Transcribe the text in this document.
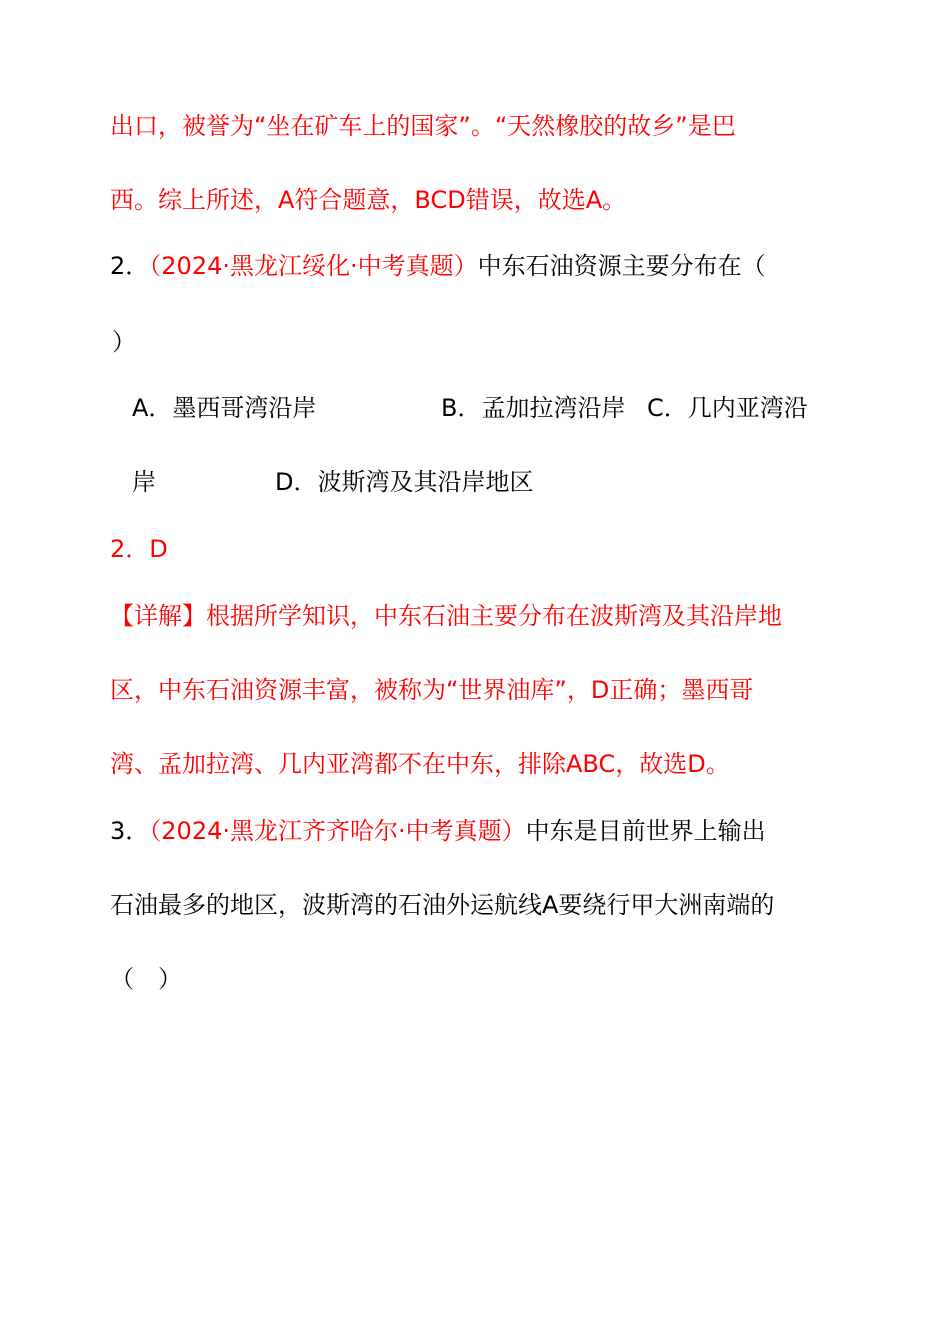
出口，被誉为“坐在矿车上的国家”。“天然橡胶的故乡”是巴
西。综上所述，A符合题意，BCD错误，故选A。
2．（2024·黑龙江绥化·中考真题）中东石油资源主要分布在（
）
A．墨西哥湾沿岸	B．孟加拉湾沿岸 C．几内亚湾沿
岸	D．波斯湾及其沿岸地区
2．D
【详解】根据所学知识，中东石油主要分布在波斯湾及其沿岸地
区，中东石油资源丰富，被称为“世界油库”，D正确；墨西哥
湾、孟加拉湾、几内亚湾都不在中东，排除ABC，故选D。
3．（2024·黑龙江齐齐哈尔·中考真题）中东是目前世界上输出
石油最多的地区，波斯湾的石油外运航线A要绕行甲大洲南端的
（　）
